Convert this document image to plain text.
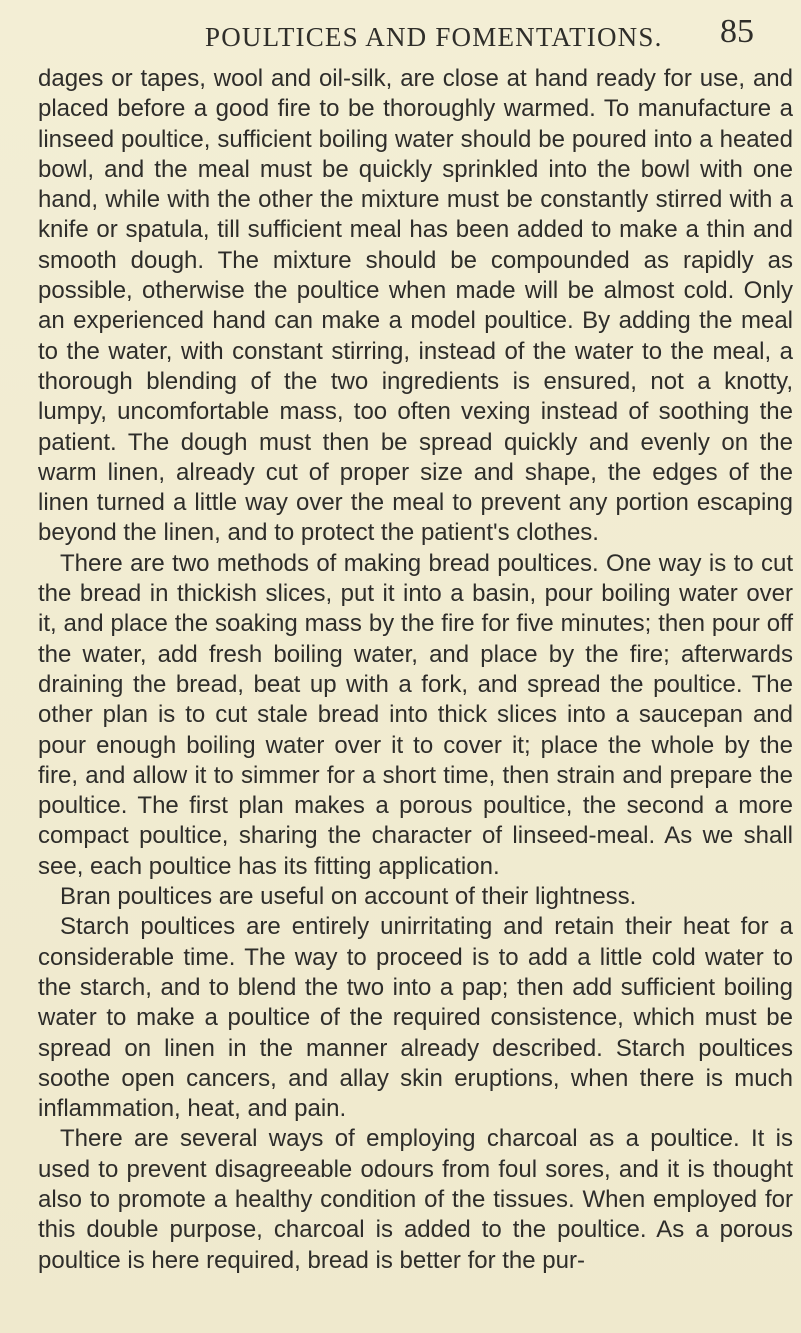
POULTICES AND FOMENTATIONS. 85

dages or tapes, wool and oil-silk, are close at hand ready for use, and placed before a good fire to be thoroughly warmed. To manufacture a linseed poultice, sufficient boiling water should be poured into a heated bowl, and the meal must be quickly sprinkled into the bowl with one hand, while with the other the mixture must be constantly stirred with a knife or spatula, till sufficient meal has been added to make a thin and smooth dough. The mixture should be compounded as rapidly as possible, otherwise the poultice when made will be almost cold. Only an experienced hand can make a model poultice. By adding the meal to the water, with constant stirring, instead of the water to the meal, a thorough blending of the two ingredients is ensured, not a knotty, lumpy, uncomfortable mass, too often vexing instead of soothing the patient. The dough must then be spread quickly and evenly on the warm linen, already cut of proper size and shape, the edges of the linen turned a little way over the meal to prevent any portion escaping beyond the linen, and to protect the patient's clothes.

There are two methods of making bread poultices. One way is to cut the bread in thickish slices, put it into a basin, pour boiling water over it, and place the soaking mass by the fire for five minutes; then pour off the water, add fresh boiling water, and place by the fire; afterwards draining the bread, beat up with a fork, and spread the poultice. The other plan is to cut stale bread into thick slices into a saucepan and pour enough boiling water over it to cover it; place the whole by the fire, and allow it to simmer for a short time, then strain and prepare the poultice. The first plan makes a porous poultice, the second a more compact poultice, sharing the character of linseed-meal. As we shall see, each poultice has its fitting application.

Bran poultices are useful on account of their lightness.

Starch poultices are entirely unirritating and retain their heat for a considerable time. The way to proceed is to add a little cold water to the starch, and to blend the two into a pap; then add sufficient boiling water to make a poultice of the required consistence, which must be spread on linen in the manner already described. Starch poultices soothe open cancers, and allay skin eruptions, when there is much inflammation, heat, and pain.

There are several ways of employing charcoal as a poultice. It is used to prevent disagreeable odours from foul sores, and it is thought also to promote a healthy condition of the tissues. When employed for this double purpose, charcoal is added to the poultice. As a porous poultice is here required, bread is better for the pur-
